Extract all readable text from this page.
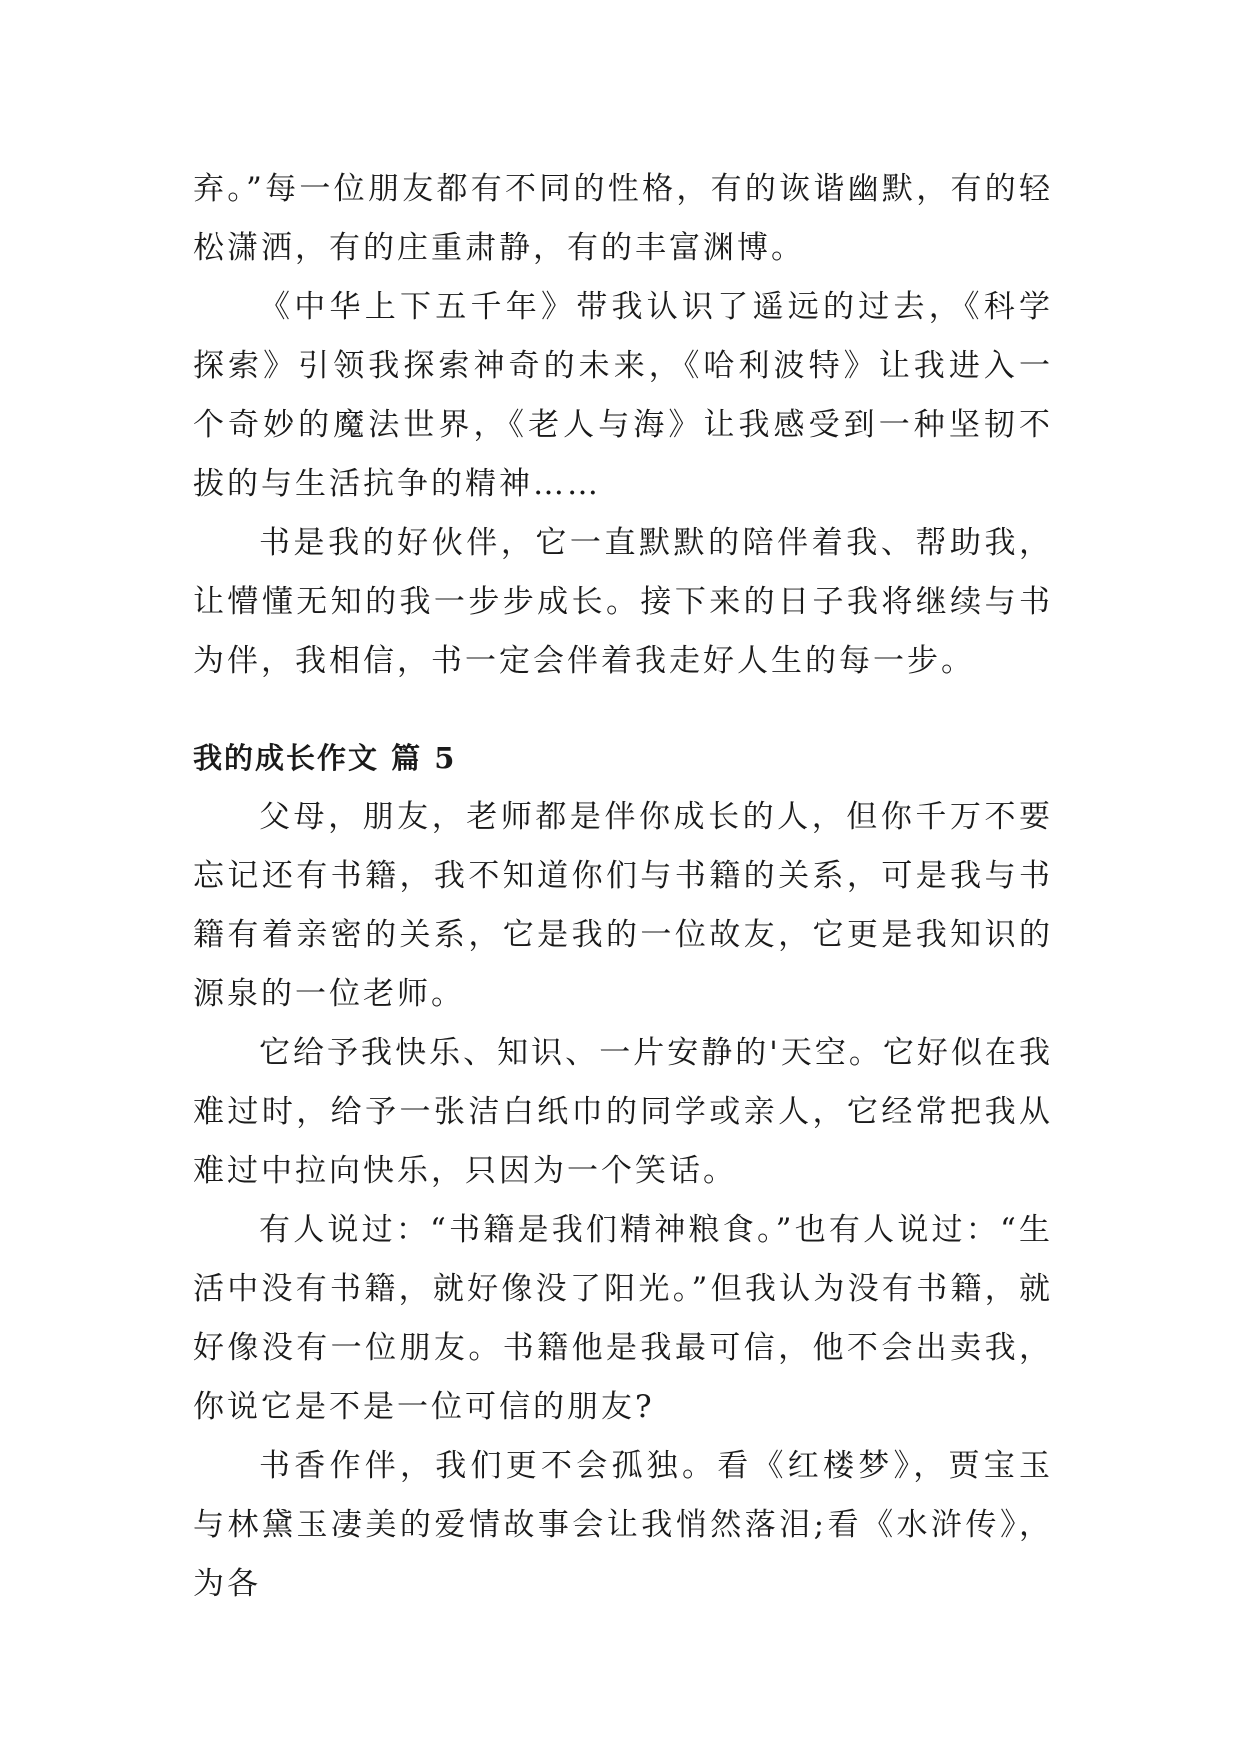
弃。”每一位朋友都有不同的性格，有的诙谐幽默，有的轻松潇洒，有的庄重肃静，有的丰富渊博。

《中华上下五千年》带我认识了遥远的过去，《科学探索》引领我探索神奇的未来，《哈利波特》让我进入一个奇妙的魔法世界，《老人与海》让我感受到一种坚韧不拔的与生活抗争的精神……

书是我的好伙伴，它一直默默的陪伴着我、帮助我，让懵懂无知的我一步步成长。接下来的日子我将继续与书为伴，我相信，书一定会伴着我走好人生的每一步。

我的成长作文 篇 5

父母，朋友，老师都是伴你成长的人，但你千万不要忘记还有书籍，我不知道你们与书籍的关系，可是我与书籍有着亲密的关系，它是我的一位故友，它更是我知识的源泉的一位老师。

它给予我快乐、知识、一片安静的'天空。它好似在我难过时，给予一张洁白纸巾的同学或亲人，它经常把我从难过中拉向快乐，只因为一个笑话。

有人说过：“书籍是我们精神粮食。”也有人说过：“生活中没有书籍，就好像没了阳光。”但我认为没有书籍，就好像没有一位朋友。书籍他是我最可信，他不会出卖我，你说它是不是一位可信的朋友?

书香作伴，我们更不会孤独。看《红楼梦》，贾宝玉与林黛玉凄美的爱情故事会让我悄然落泪;看《水浒传》，为各
